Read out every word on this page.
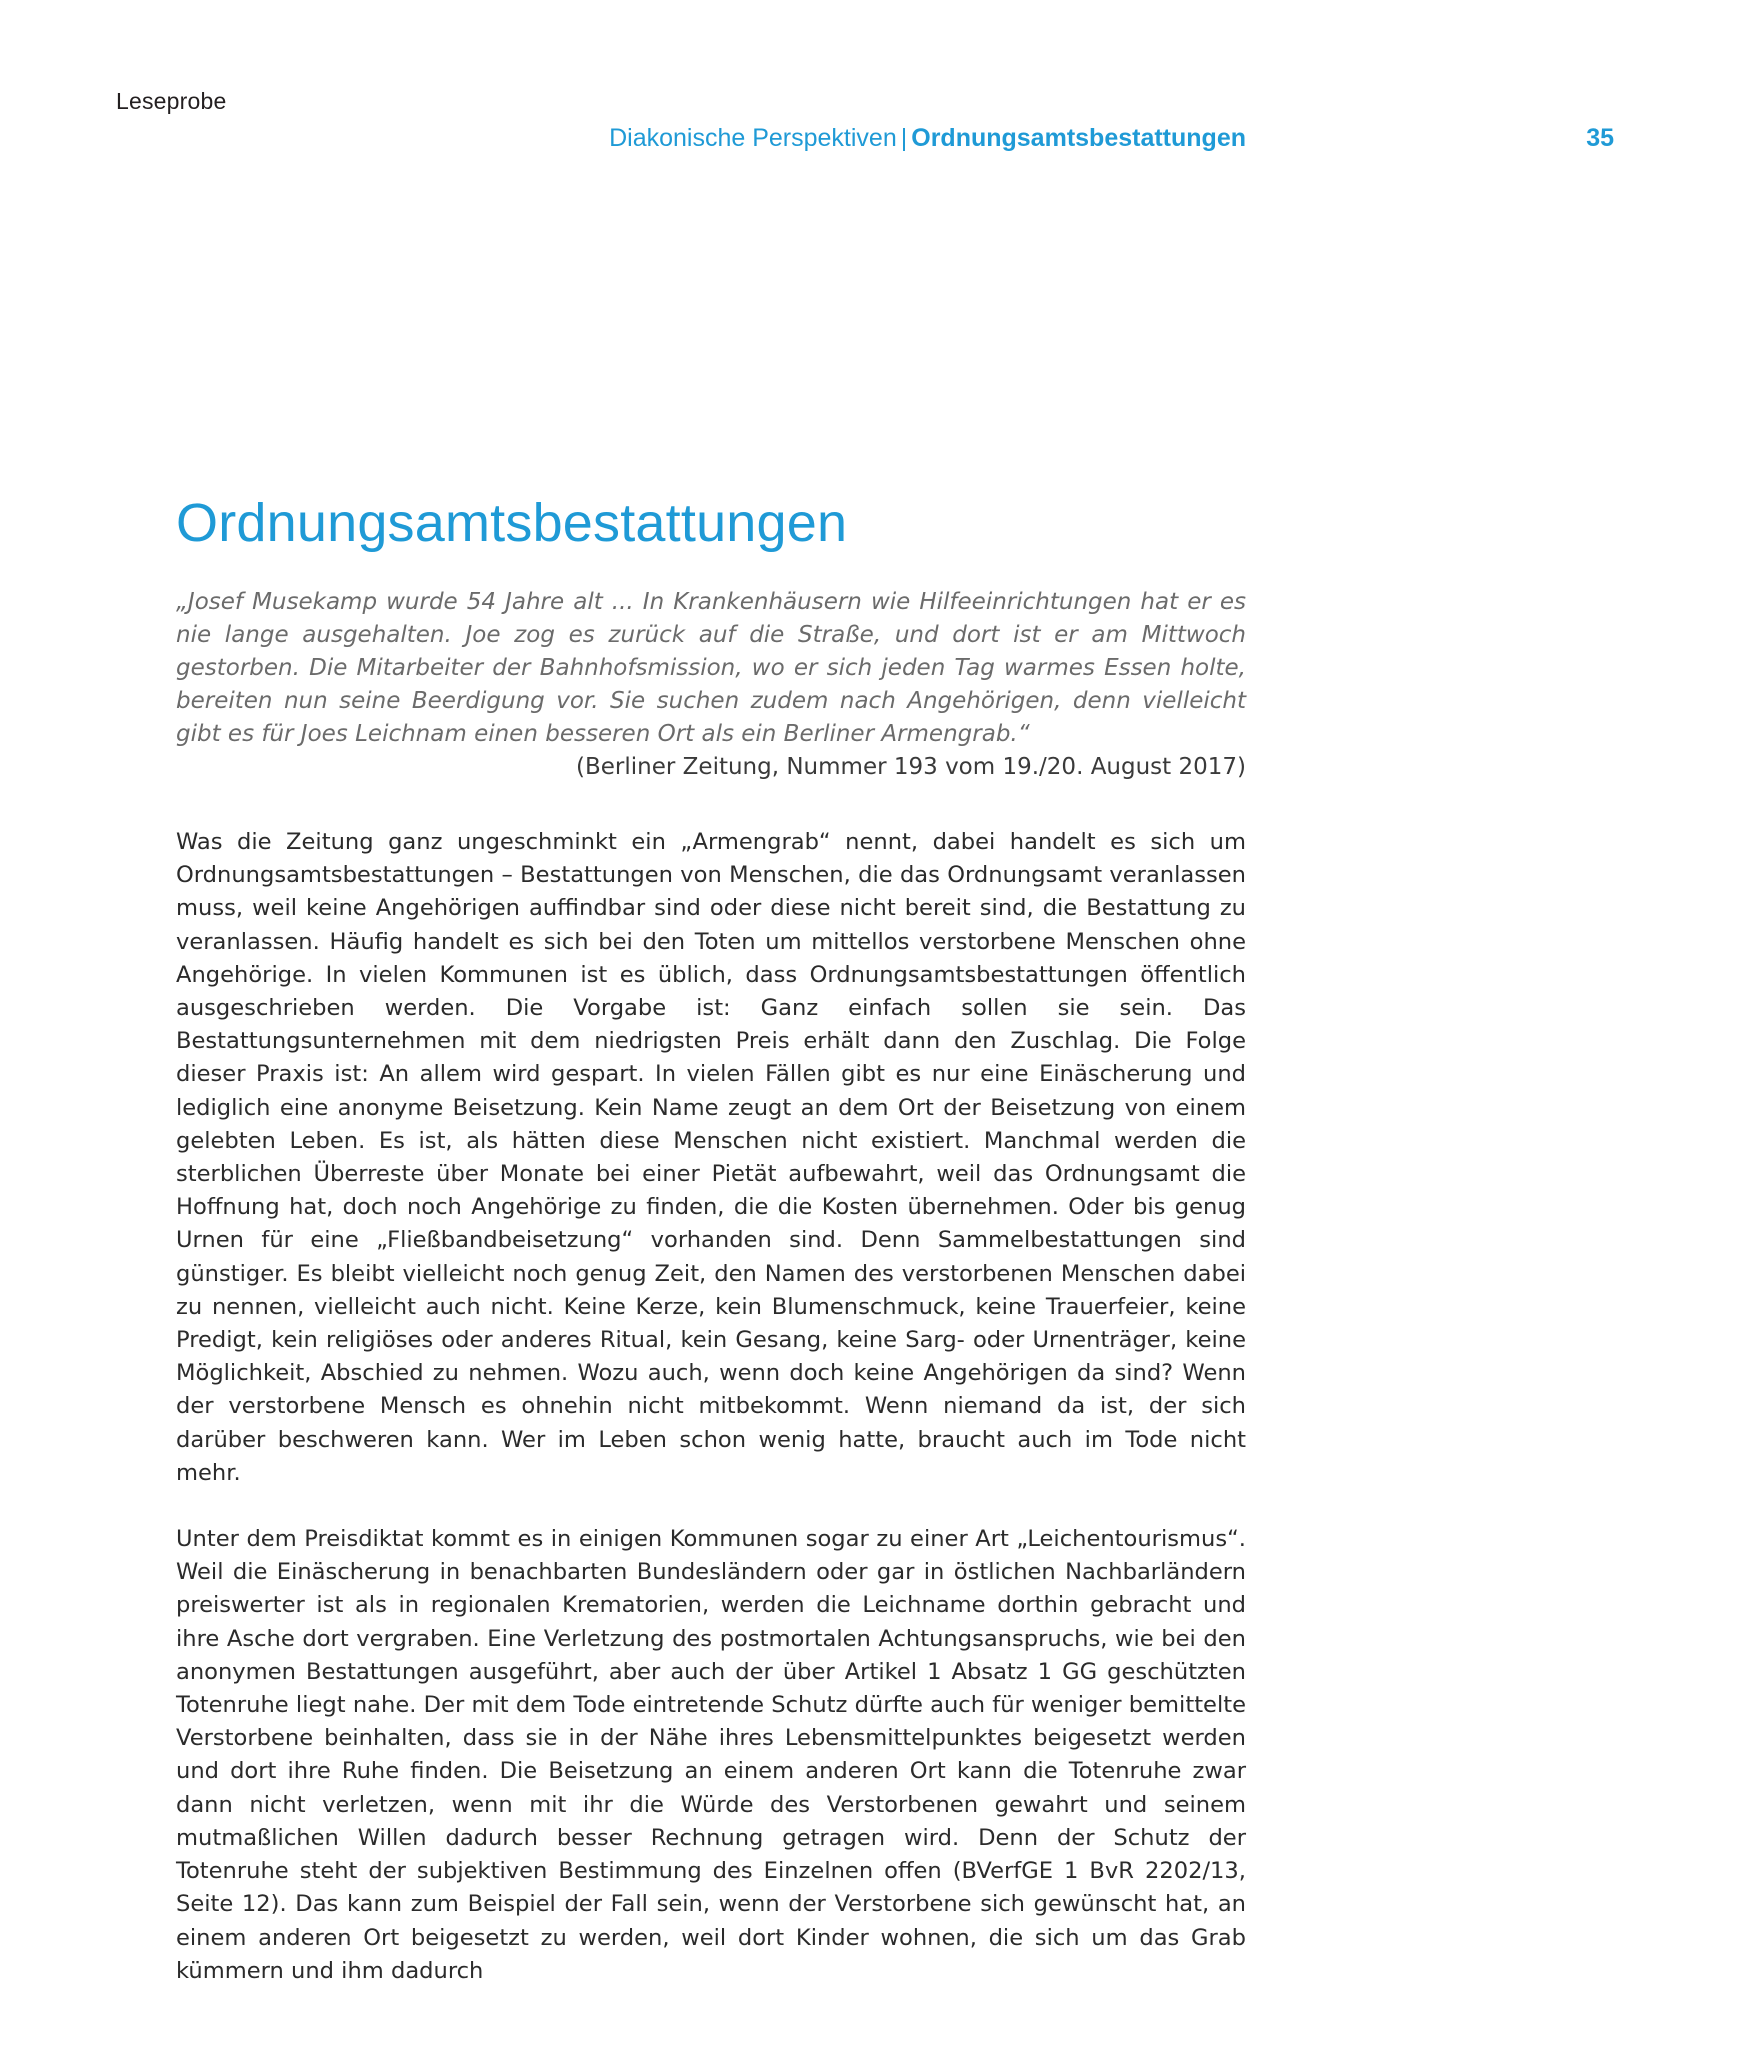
Leseprobe
Diakonische Perspektiven | Ordnungsamtsbestattungen	35
Ordnungsamtsbestattungen

„Josef Musekamp wurde 54 Jahre alt ... In Krankenhäusern wie Hilfeeinrichtungen hat er es nie lange ausgehalten. Joe zog es zurück auf die Straße, und dort ist er am Mittwoch gestorben. Die Mitarbeiter der Bahnhofsmission, wo er sich jeden Tag warmes Essen holte, bereiten nun seine Beerdigung vor. Sie suchen zudem nach Angehörigen, denn vielleicht gibt es für Joes Leichnam einen besseren Ort als ein Berliner Armengrab.“

(Berliner Zeitung, Nummer 193 vom 19./20. August 2017)

Was die Zeitung ganz ungeschminkt ein „Armengrab“ nennt, dabei handelt es sich um Ordnungsamtsbestattungen – Bestattungen von Menschen, die das Ordnungsamt veranlassen muss, weil keine Angehörigen auffindbar sind oder diese nicht bereit sind, die Bestattung zu veranlassen. Häufig handelt es sich bei den Toten um mittellos verstorbene Menschen ohne Angehörige. In vielen Kommunen ist es üblich, dass Ordnungsamtsbestattungen öffentlich ausgeschrieben werden. Die Vorgabe ist: Ganz einfach sollen sie sein. Das Bestattungsunternehmen mit dem niedrigsten Preis erhält dann den Zuschlag. Die Folge dieser Praxis ist: An allem wird gespart. In vielen Fällen gibt es nur eine Einäscherung und lediglich eine anonyme Beisetzung. Kein Name zeugt an dem Ort der Beisetzung von einem gelebten Leben. Es ist, als hätten diese Menschen nicht existiert. Manchmal werden die sterblichen Überreste über Monate bei einer Pietät aufbewahrt, weil das Ordnungsamt die Hoffnung hat, doch noch Angehörige zu finden, die die Kosten übernehmen. Oder bis genug Urnen für eine „Fließbandbeisetzung“ vorhanden sind. Denn Sammelbestattungen sind günstiger. Es bleibt vielleicht noch genug Zeit, den Namen des verstorbenen Menschen dabei zu nennen, vielleicht auch nicht. Keine Kerze, kein Blumenschmuck, keine Trauerfeier, keine Predigt, kein religiöses oder anderes Ritual, kein Gesang, keine Sarg- oder Urnenträger, keine Möglichkeit, Abschied zu nehmen. Wozu auch, wenn doch keine Angehörigen da sind? Wenn der verstorbene Mensch es ohnehin nicht mitbekommt. Wenn niemand da ist, der sich darüber beschweren kann. Wer im Leben schon wenig hatte, braucht auch im Tode nicht mehr.

Unter dem Preisdiktat kommt es in einigen Kommunen sogar zu einer Art „Leichentourismus“. Weil die Einäscherung in benachbarten Bundesländern oder gar in östlichen Nachbarländern preiswerter ist als in regionalen Krematorien, werden die Leichname dorthin gebracht und ihre Asche dort vergraben. Eine Verletzung des postmortalen Achtungsanspruchs, wie bei den anonymen Bestattungen ausgeführt, aber auch der über Artikel 1 Absatz 1 GG geschützten Totenruhe liegt nahe. Der mit dem Tode eintretende Schutz dürfte auch für weniger bemittelte Verstorbene beinhalten, dass sie in der Nähe ihres Lebensmittelpunktes beigesetzt werden und dort ihre Ruhe finden. Die Beisetzung an einem anderen Ort kann die Totenruhe zwar dann nicht verletzen, wenn mit ihr die Würde des Verstorbenen gewahrt und seinem mutmaßlichen Willen dadurch besser Rechnung getragen wird. Denn der Schutz der Totenruhe steht der subjektiven Bestimmung des Einzelnen offen (BVerfGE 1 BvR 2202/13, Seite 12). Das kann zum Beispiel der Fall sein, wenn der Verstorbene sich gewünscht hat, an einem anderen Ort beigesetzt zu werden, weil dort Kinder wohnen, die sich um das Grab kümmern und ihm dadurch
